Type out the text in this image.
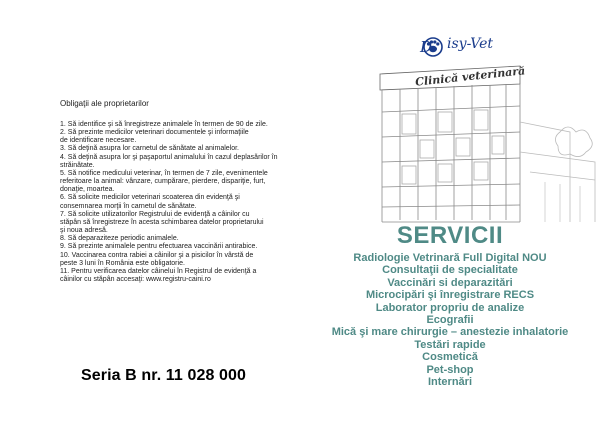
Obligaţii ale proprietarilor
1. Să identifice şi să înregistreze animalele în termen de 90 de zile.
2. Să prezinte medicilor veterinari documentele şi informaţiile
de identificare necesare.
3. Să deţină asupra lor carnetul de sănătate al animalelor.
4. Să deţină asupra lor şi paşaportul animalului în cazul deplasărilor în
străinătate.
5. Să notifice medicului veterinar, în termen de 7 zile, evenimentele
referitoare la animal: vânzare, cumpărare, pierdere, dispariţie, furt,
donaţie, moartea.
6. Să solicite medicilor veterinari scoaterea din evidenţă şi
consemnarea morţii în carnetul de sănătate.
7. Să solicite utilizatorilor Registrului de evidenţă a câinilor cu
stăpân să înregistreze în acesta schimbarea datelor proprietarului
şi noua adresă.
8. Să deparaziteze periodic animalele.
9. Să prezinte animalele pentru efectuarea vaccinării antirabice.
10. Vaccinarea contra rabiei a câinilor şi a pisicilor în vârstă de
peste 3 luni în România este obligatorie.
11. Pentru verificarea datelor câinelui în Registrul de evidenţă a
câinilor cu stăpân accesaţi: www.registru-caini.ro
Seria B nr. 11 028 000
D isy-Vet
Clinică veterinară
SERVICII
Radiologie Vetrinară Full Digital NOU
Consultaţii de specialitate
Vaccinări si deparazitări
Microcipări şi înregistrare RECS
Laborator propriu de analize
Ecografii
Mică şi mare chirurgie – anestezie inhalatorie
Testări rapide
Cosmetică
Pet-shop
Internări
